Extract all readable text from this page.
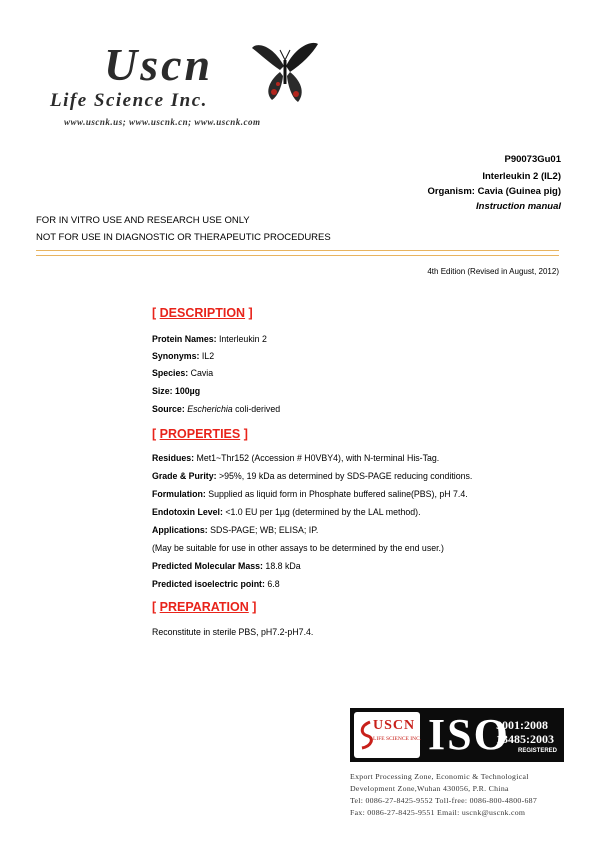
Uscn
Life Science Inc.
www.uscnk.us; www.uscnk.cn; www.uscnk.com
P90073Gu01
Interleukin 2 (IL2)
Organism: Cavia (Guinea pig)
Instruction manual
FOR IN VITRO USE AND RESEARCH USE ONLY
NOT FOR USE IN DIAGNOSTIC OR THERAPEUTIC PROCEDURES
4th Edition (Revised in August, 2012)
[ DESCRIPTION ]
Protein Names: Interleukin 2
Synonyms: IL2
Species: Cavia
Size: 100µg
Source: Escherichia coli-derived
[ PROPERTIES ]
Residues: Met1~Thr152 (Accession # H0VBY4), with N-terminal His-Tag.
Grade & Purity: >95%, 19 kDa as determined by SDS-PAGE reducing conditions.
Formulation: Supplied as liquid form in Phosphate buffered saline(PBS), pH 7.4.
Endotoxin Level: <1.0 EU per 1µg (determined by the LAL method).
Applications: SDS-PAGE; WB; ELISA; IP.
(May be suitable for use in other assays to be determined by the end user.)
Predicted Molecular Mass: 18.8 kDa
Predicted isoelectric point: 6.8
[ PREPARATION ]
Reconstitute in sterile PBS, pH7.2-pH7.4.
USCN
LIFE SCIENCE INC. ISO
9001:2008
13485:2003
REGISTERED
Export Processing Zone, Economic & Technological
Development Zone,Wuhan 430056, P.R. China
Tel: 0086-27-8425-9552 Toll-free: 0086-800-4800-687
Fax: 0086-27-8425-9551 Email: uscnk@uscnk.com
